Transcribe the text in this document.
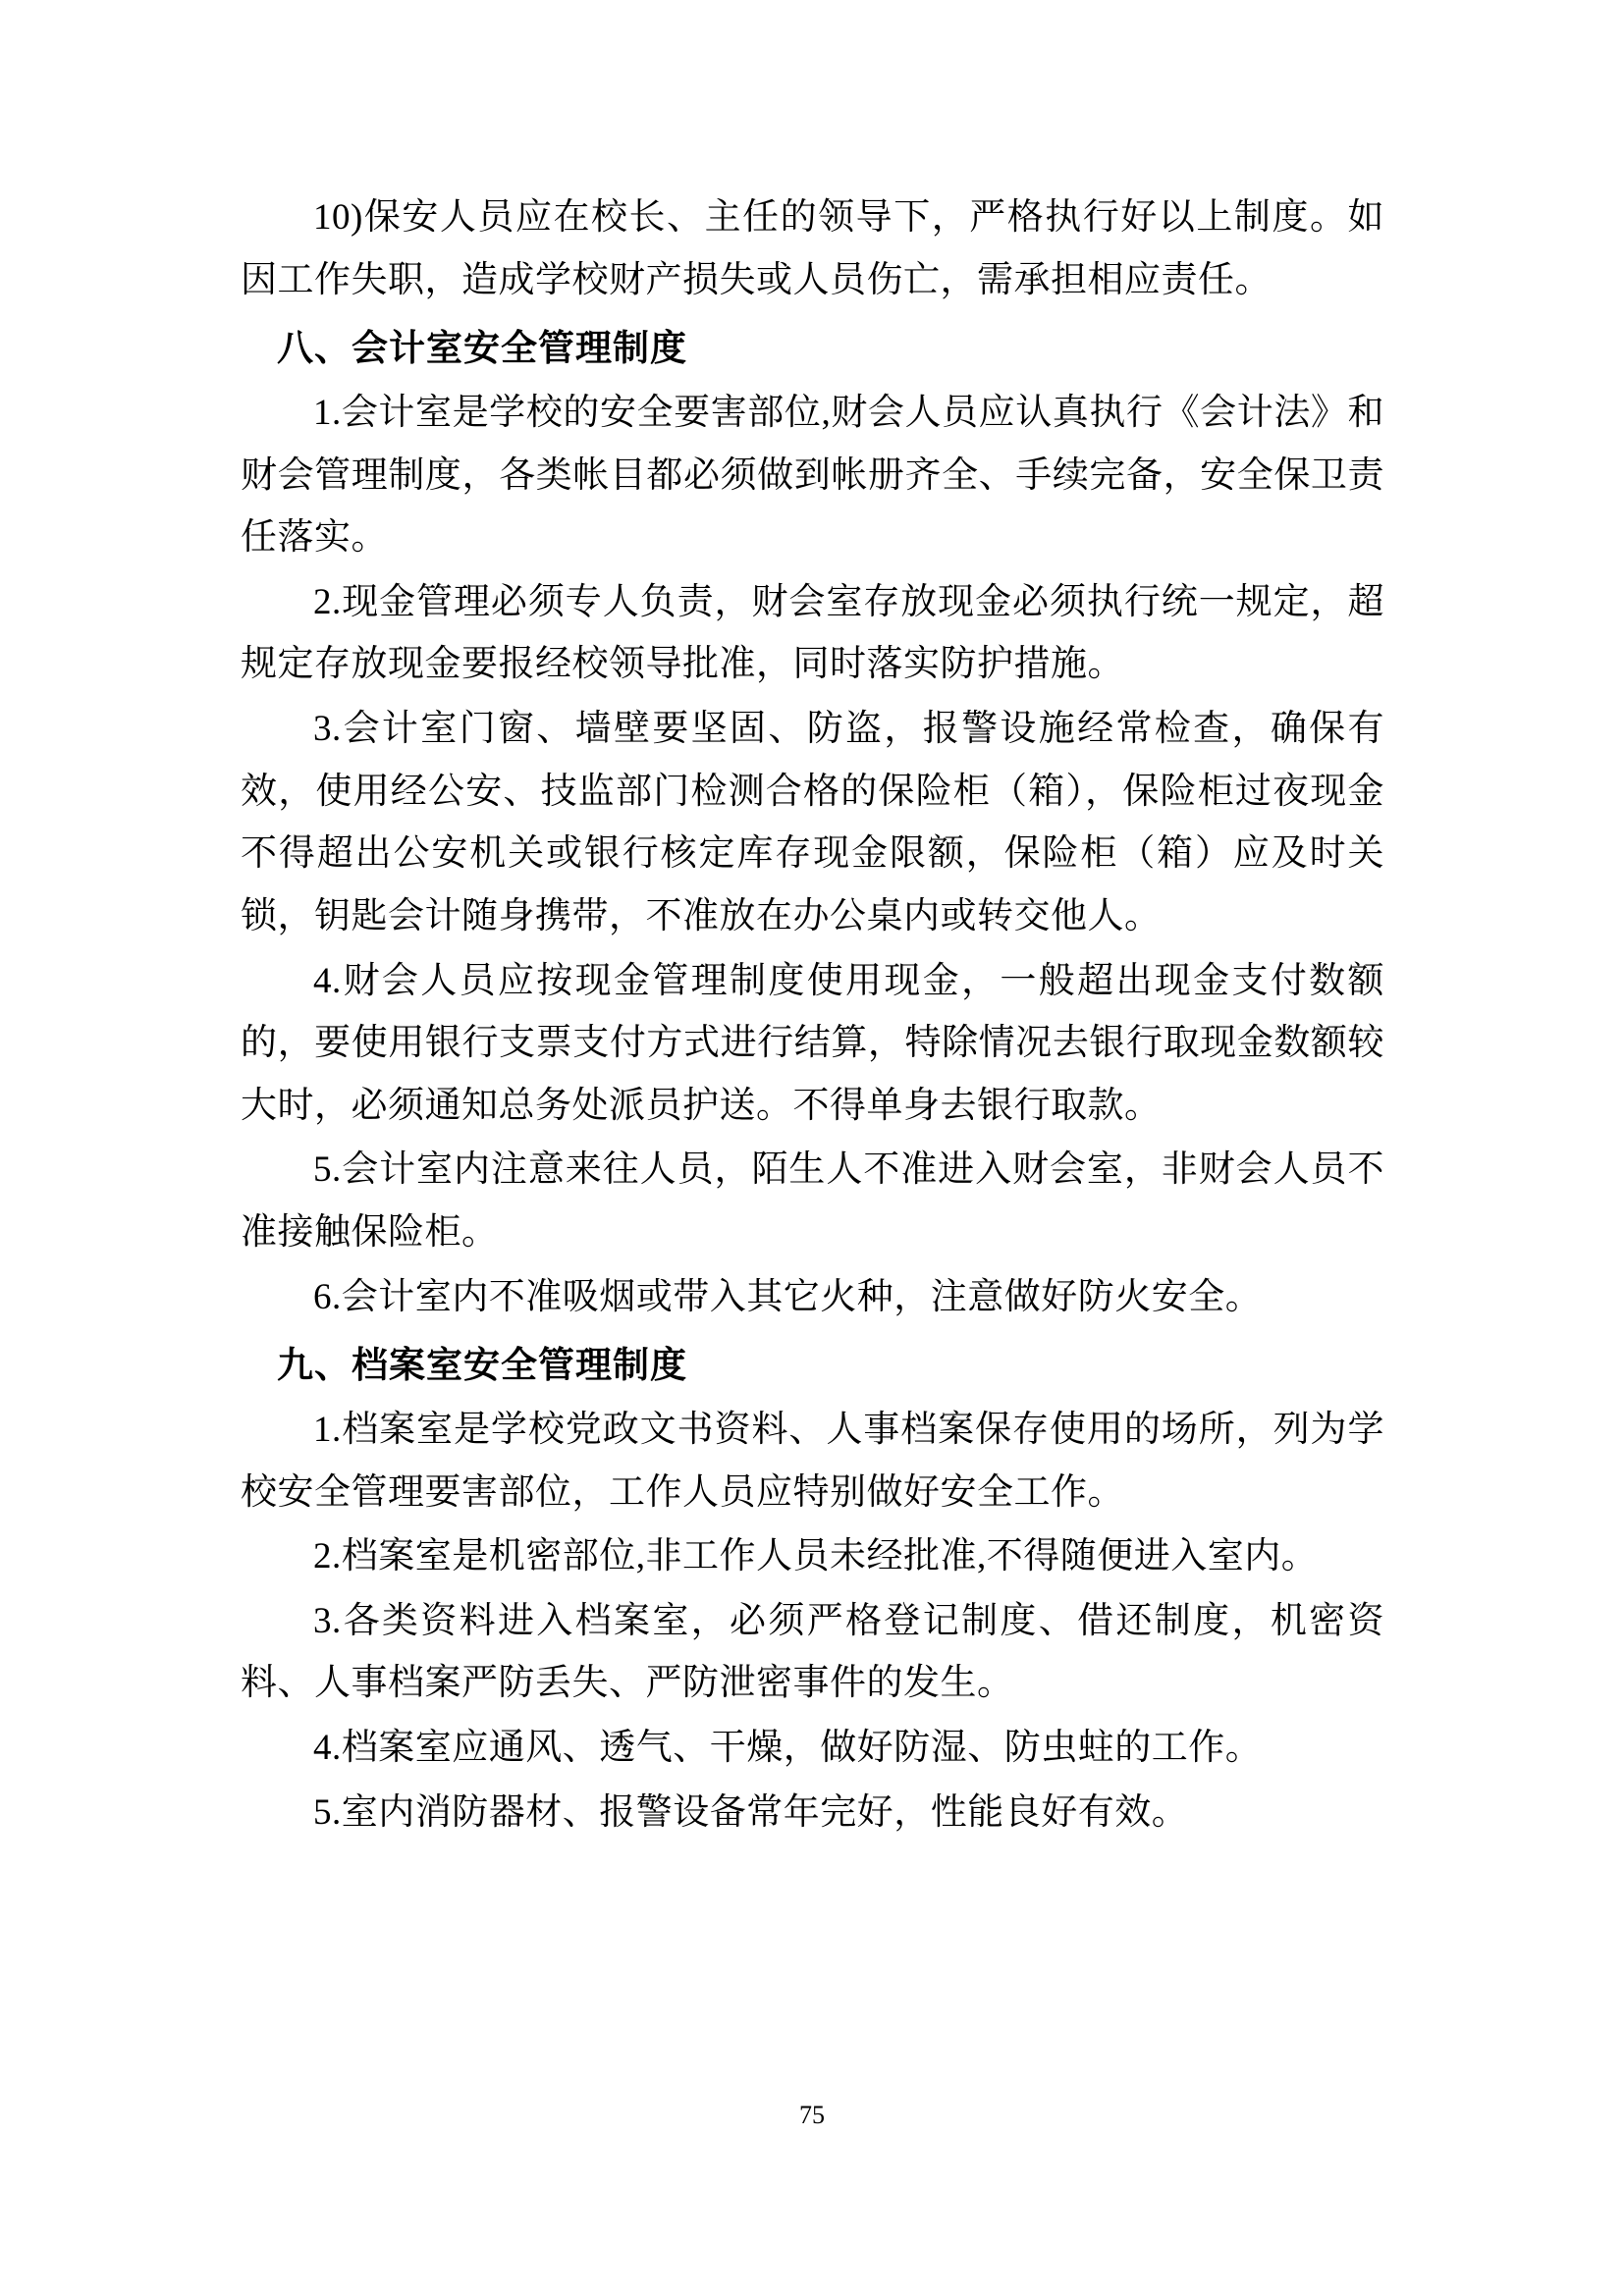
10)保安人员应在校长、主任的领导下，严格执行好以上制度。如因工作失职，造成学校财产损失或人员伤亡，需承担相应责任。

八、会计室安全管理制度

1.会计室是学校的安全要害部位,财会人员应认真执行《会计法》和财会管理制度，各类帐目都必须做到帐册齐全、手续完备，安全保卫责任落实。

2.现金管理必须专人负责，财会室存放现金必须执行统一规定，超规定存放现金要报经校领导批准，同时落实防护措施。

3.会计室门窗、墙壁要坚固、防盗，报警设施经常检查，确保有效，使用经公安、技监部门检测合格的保险柜（箱），保险柜过夜现金不得超出公安机关或银行核定库存现金限额，保险柜（箱）应及时关锁，钥匙会计随身携带，不准放在办公桌内或转交他人。

4.财会人员应按现金管理制度使用现金，一般超出现金支付数额的，要使用银行支票支付方式进行结算，特除情况去银行取现金数额较大时，必须通知总务处派员护送。不得单身去银行取款。

5.会计室内注意来往人员，陌生人不准进入财会室，非财会人员不准接触保险柜。

6.会计室内不准吸烟或带入其它火种，注意做好防火安全。

九、档案室安全管理制度

1.档案室是学校党政文书资料、人事档案保存使用的场所，列为学校安全管理要害部位，工作人员应特别做好安全工作。

2.档案室是机密部位,非工作人员未经批准,不得随便进入室内。

3.各类资料进入档案室，必须严格登记制度、借还制度，机密资料、人事档案严防丢失、严防泄密事件的发生。

4.档案室应通风、透气、干燥，做好防湿、防虫蛀的工作。

5.室内消防器材、报警设备常年完好，性能良好有效。

75
